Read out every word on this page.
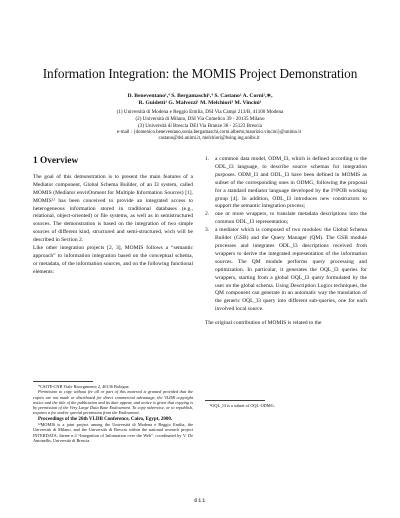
Information Integration: the MOMIS Project Demonstration
D. Beneventano¹,⁴ S. Bergamaschi¹,⁴ S. Castano² A. Corni¹,∗,
R. Guidetti¹ G. Malvezzi¹ M. Melchiori³ M. Vincini¹
(1) Università di Modena e Reggio Emilia, DSI Via Campi 213/B, 41100 Modena
(2) Università di Milano, DSI Via Comelico 39 - 20135 Milano
(3) Università di Brescia DEI Via Branze 38 - 25123 Brescia
e-mail : {domenico.beneventano,sonia.bergamaschi,corni.alberto,maurizio.vincini}@unimo.it
castano@dsi.unimi.it, melchiori@bsing.ing.unibs.it
1 Overview

The goal of this demonstration is to present the main features of a Mediator component, Global Schema Builder, of an I3 system, called MOMIS (Mediator envirOnment for Multiple Information Sources) [1]. MOMIS¹² has been conceived to provide an integrated access to heterogeneous information stored in traditional databases (e.g., relational, object-oriented) or file systems, as well as in semistructured sources. The demonstration is based on the integration of two simple sources of different kind, structured and semi-structured, wich will be described in Section 2.

Like other integration projects [2, 3], MOMIS follows a “semantic approach” to information integration based on the conceptual schema, or metadata, of the information sources, and on the following functional elements:

1.	a common data model, ODM_I3, which is defined according to the ODL_I3 language, to describe source schemas for integration purposes. ODM_I3 and ODL_I3 have been defined in MOMIS as subset of the corresponding ones in ODMG, following the proposal for a standard mediator language developed by the I³/POB working group [4]. In addition, ODL_I3 introduces new constructors to support the semantic integration process;
2.	one or more wrappers, to translate metadata descriptions into the common ODL_I3 representation;
3.	a mediator which is composed of two modules: the Global Schema Builder (GSB) and the Query Manager (QM). The GSB module processes and integrates ODL_I3 descriptions received from wrappers to derive the integrated representation of the information sources. The QM module performs query processing and optimization. In particular, it generates the OQL_I3 queries for wrappers, starting from a global OQL_I3 query formulated by the user on the global schema. Using Description Logics techniques, the QM component can generate in an automatic way the translation of the generic OQL_I3 query into different sub-queries, one for each involved local source.

The original contribution of MOMIS is related to the

*CSITE-CNR Viale Risorgimento 2, 40136 Bologna

Permission to copy without fee all or part of this material is granted provided that the copies are not made or distributed for direct commercial advantage, the VLDB copyright notice and the title of the publication and its date appear, and notice is given that copying is by permission of the Very Large Data Base Endowment. To copy otherwise, or to republish, requires a fee and/or special permission from the Endowment.

Proceedings of the 26th VLDB Conference, Cairo, Egypt, 2000.

¹²MOMIS is a joint project among the Università di Modena e Reggio Emilia, the Università di Milano, and the Università di Brescia within the national research project INTERDATA, theme n.3 “Integration of Information over the Web”, coordinated by V. De Antonellis, Università di Brescia.

³OQL_I3 is a subset of OQL-ODMG.

611
